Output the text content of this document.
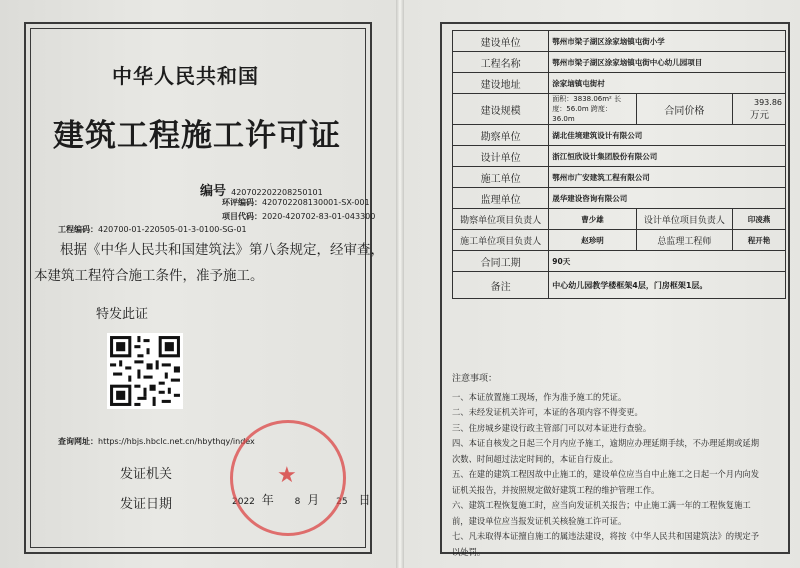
中华人民共和国
建筑工程施工许可证
编号 420702202208250101
环评编码：420702208130001-SX-001
项目代码：2020-420702-83-01-043300
工程编码：420700-01-220505-01-3-0100-SG-01
根据《中华人民共和国建筑法》第八条规定，经审查，
本建筑工程符合施工条件，准予施工。
特发此证
查询网址：https://hbjs.hbclc.net.cn/hbythqy/index
发证机关
发证日期	2022 年 8 月 25 日
★
建设单位	鄂州市梁子湖区涂家垴镇屯街小学		
工程名称	鄂州市梁子湖区涂家垴镇屯街中心幼儿园项目		
建设地址	涂家垴镇屯街村		
建设规模	面积：3838.06m² 长
度：56.0m 跨度：36.0m	合同价格	393.86 万元
勘察单位	湖北佳境建筑设计有限公司		
设计单位	浙江恒欣设计集团股份有限公司		
施工单位	鄂州市广安建筑工程有限公司		
监理单位	晟华建设咨询有限公司		
勘察单位项目负责人	曹少雄	设计单位项目负责人	印凌燕
施工单位项目负责人	赵珍明	总监理工程师	程开艳
合同工期	90天		
备注	中心幼儿园教学楼框架4层，门房框架1层。		
注意事项：
一、本证放置施工现场，作为准予施工的凭证。
二、未经发证机关许可，本证的各项内容不得变更。
三、住房城乡建设行政主管部门可以对本证进行查验。
四、本证自核发之日起三个月内应予施工，逾期应办理延期手续，不办理延期或延期
次数、时间超过法定时间的，本证自行废止。
五、在建的建筑工程因故中止施工的，建设单位应当自中止施工之日起一个月内向发
证机关报告，并按照规定做好建筑工程的维护管理工作。
六、建筑工程恢复施工时，应当向发证机关报告；中止施工满一年的工程恢复施工
前，建设单位应当报发证机关核验施工许可证。
七、凡未取得本证擅自施工的属违法建设，将按《中华人民共和国建筑法》的规定予
以处罚。
